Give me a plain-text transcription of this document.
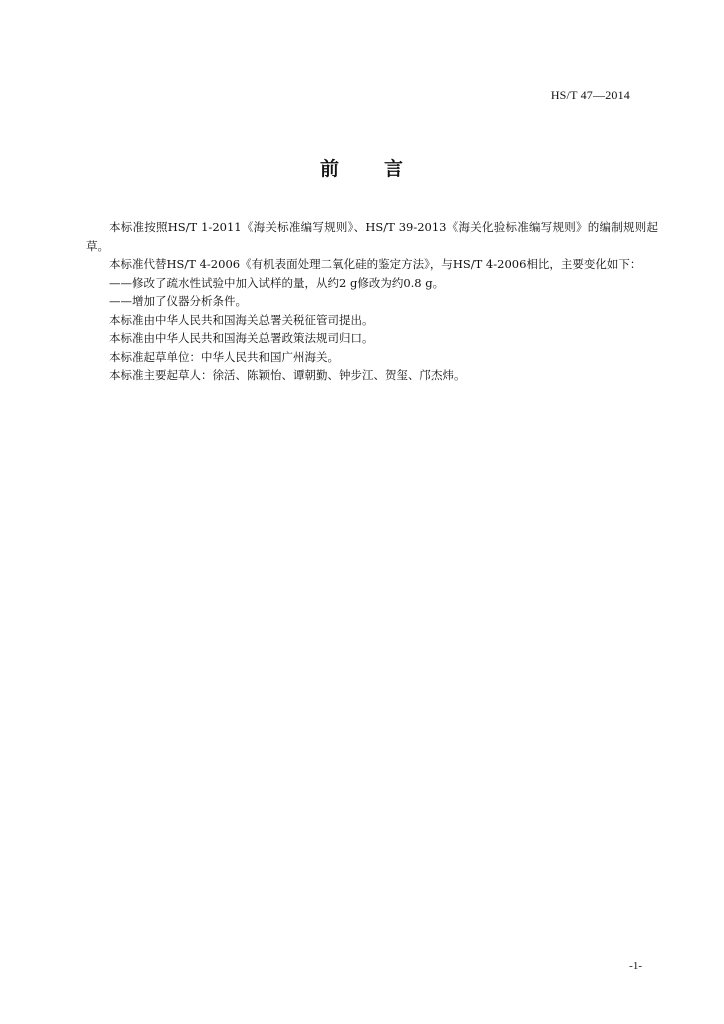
HS/T 47—2014
前 言

本标准按照HS/T 1-2011《海关标准编写规则》、HS/T 39-2013《海关化验标准编写规则》的编制规则起草。

本标准代替HS/T 4-2006《有机表面处理二氧化硅的鉴定方法》，与HS/T 4-2006相比，主要变化如下：

——修改了疏水性试验中加入试样的量，从约2 g修改为约0.8 g。

——增加了仪器分析条件。

本标准由中华人民共和国海关总署关税征管司提出。

本标准由中华人民共和国海关总署政策法规司归口。

本标准起草单位：中华人民共和国广州海关。

本标准主要起草人：徐活、陈颖怡、谭朝勤、钟步江、贺玺、邝杰炜。

-1-
